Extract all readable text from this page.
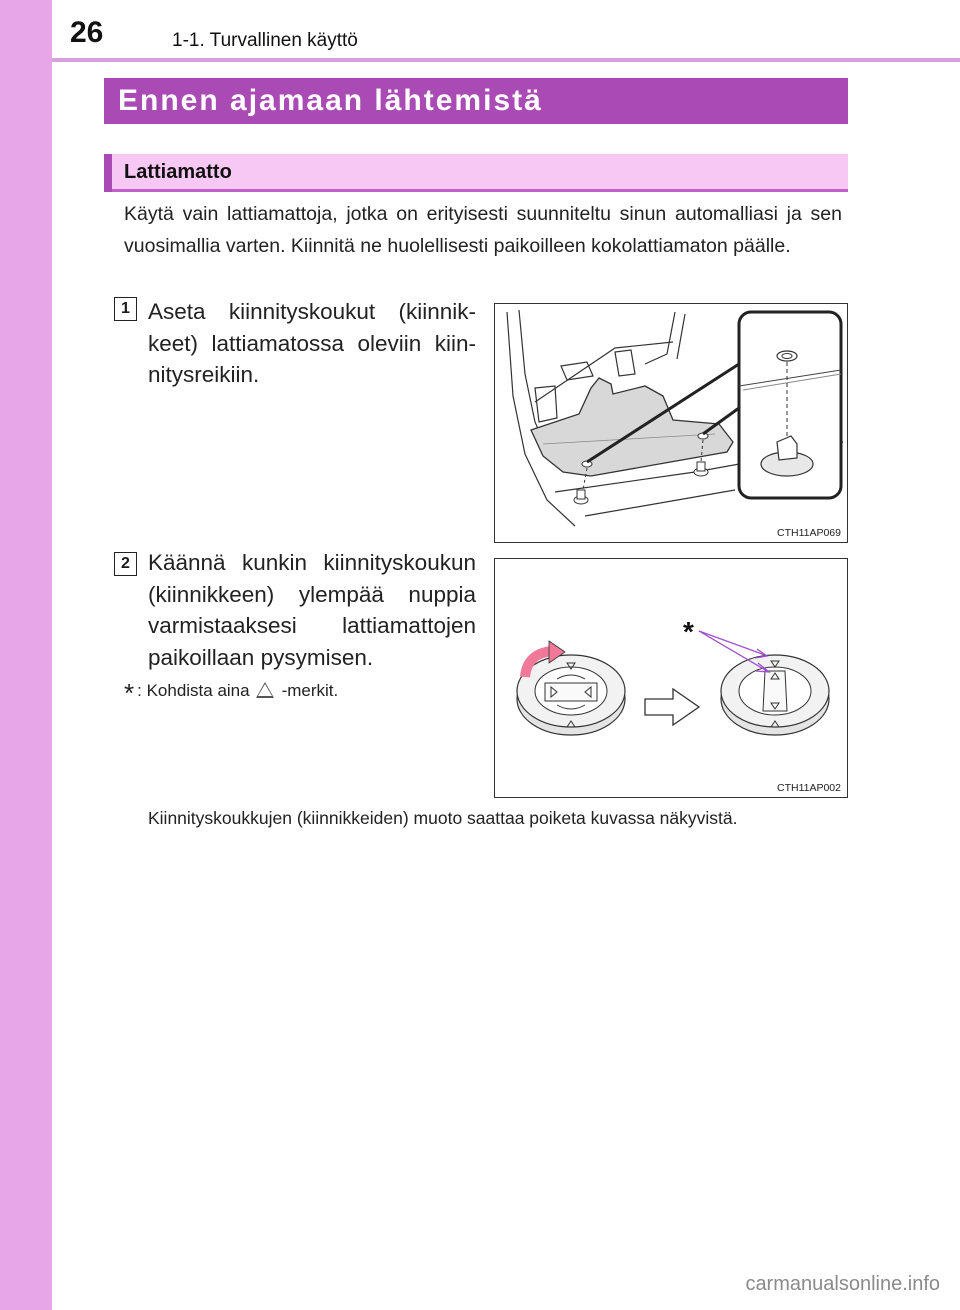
26	1-1. Turvallinen käyttö
Ennen ajamaan lähtemistä
Lattiamatto
Käytä vain lattiamattoja, jotka on erityisesti suunniteltu sinun automalliasi ja sen vuosimallia varten. Kiinnitä ne huolellisesti paikoilleen kokolattiamaton päälle.
1 Aseta kiinnityskoukut (kiinnik-keet) lattiamatossa oleviin kiin-nitysreikiin.
CTH11AP069
2 Käännä kunkin kiinnityskoukun (kiinnikkeen) ylempää nuppia varmistaaksesi lattiamattojen paikoillaan pysymisen.
* : Kohdista aina -merkit.
*
CTH11AP002
Kiinnityskoukkujen (kiinnikkeiden) muoto saattaa poiketa kuvassa näkyvistä.
carmanualsonline.info
